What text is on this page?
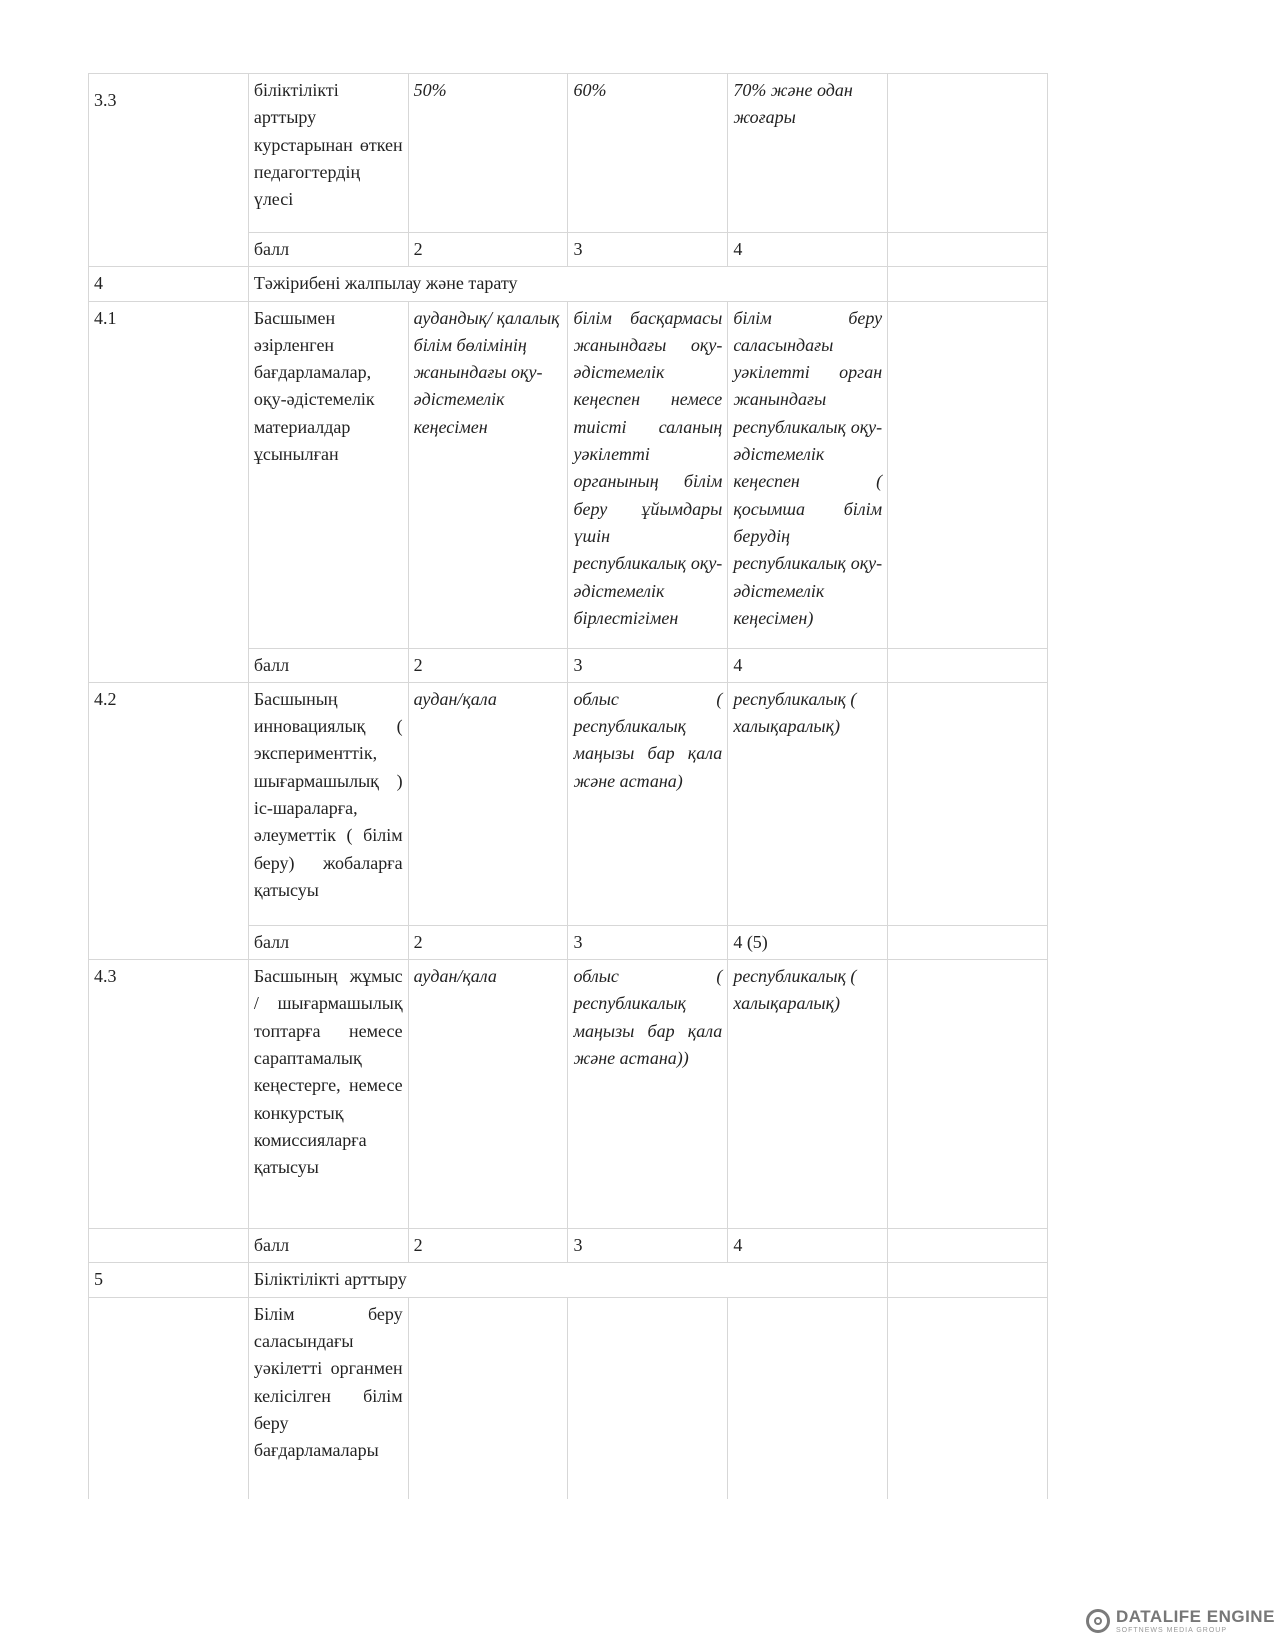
3.3	біліктілікті арттыру курстарынан өткен педагогтердің үлесі	50%	60%	70% және одан жоғары	
	балл	2	3	4	
4	Тәжірибені жалпылау және тарату				
4.1	Басшымен әзірленген бағдарламалар, оқу-әдістемелік материалдар ұсынылған	аудандық/ қалалық білім бөлімінің жанындағы оқу-әдістемелік кеңесімен	білім басқармасы жанындағы оқу-әдістемелік кеңеспен немесе тиісті саланың уәкілетті органының білім беру ұйымдары үшін республикалық оқу-әдістемелік бірлестігімен	білім беру саласындағы уәкілетті орган жанындағы республикалық оқу-әдістемелік кеңеспен ( қосымша білім берудің республикалық оқу-әдістемелік кеңесімен)	
	балл	2	3	4	
4.2	Басшының инновациялық ( эксперименттік, шығармашылық ) іс-шараларға, әлеуметтік ( білім беру) жобаларға қатысуы	аудан/қала	облыс ( республикалық маңызы бар қала және астана)	республикалық ( халықаралық)	
	балл	2	3	4 (5)	
4.3	Басшының жұмыс / шығармашылық топтарға немесе сараптамалық кеңестерге, немесе конкурстық комиссияларға қатысуы	аудан/қала	облыс ( республикалық маңызы бар қала және астана))	республикалық ( халықаралық)	
	балл	2	3	4	
5	Біліктілікті арттыру				
	Білім беру саласындағы уәкілетті органмен келісілген білім беру бағдарламалары				
DATALIFE ENGINE
SOFTNEWS MEDIA GROUP
